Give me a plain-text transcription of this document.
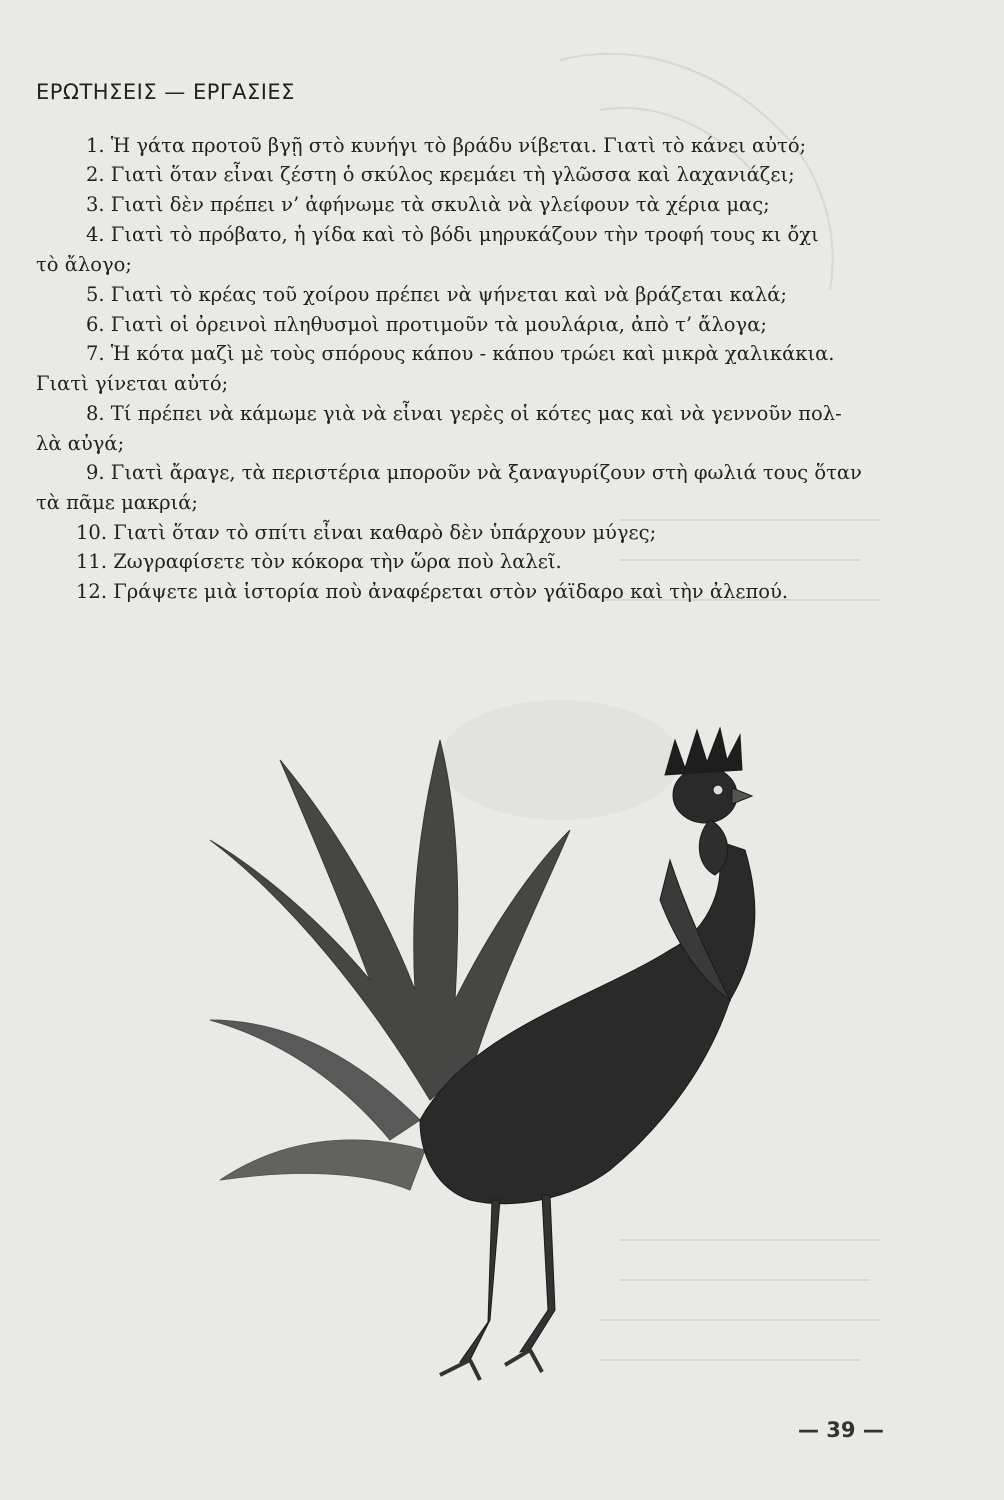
ΕΡΩΤΗΣΕΙΣ — ΕΡΓΑΣΙΕΣ
1. Ἡ γάτα προτοῦ βγῇ στὸ κυνήγι τὸ βράδυ νίβεται. Γιατὶ τὸ κάνει αὐτό;
2. Γιατὶ ὅταν εἶναι ζέστη ὁ σκύλος κρεμάει τὴ γλῶσσα καὶ λαχανιάζει;
3. Γιατὶ δὲν πρέπει ν’ ἀφήνωμε τὰ σκυλιὰ νὰ γλείφουν τὰ χέρια μας;
4. Γιατὶ τὸ πρόβατο, ἡ γίδα καὶ τὸ βόδι μηρυκάζουν τὴν τροφή τους κι ὄχι
τὸ ἄλογο;
5. Γιατὶ τὸ κρέας τοῦ χοίρου πρέπει νὰ ψήνεται καὶ νὰ βράζεται καλά;
6. Γιατὶ οἱ ὀρεινοὶ πληθυσμοὶ προτιμοῦν τὰ μουλάρια, ἀπὸ τ’ ἄλογα;
7. Ἡ κότα μαζὶ μὲ τοὺς σπόρους κάπου - κάπου τρώει καὶ μικρὰ χαλικάκια.
Γιατὶ γίνεται αὐτό;
8. Τί πρέπει νὰ κάμωμε γιὰ νὰ εἶναι γερὲς οἱ κότες μας καὶ νὰ γεννοῦν πολ-
λὰ αὐγά;
9. Γιατὶ ἄραγε, τὰ περιστέρια μποροῦν νὰ ξαναγυρίζουν στὴ φωλιά τους ὅταν
τὰ πᾶμε μακριά;
10. Γιατὶ ὅταν τὸ σπίτι εἶναι καθαρὸ δὲν ὑπάρχουν μύγες;
11. Ζωγραφίσετε τὸν κόκορα τὴν ὥρα ποὺ λαλεῖ.
12. Γράψετε μιὰ ἱστορία ποὺ ἀναφέρεται στὸν γάϊδαρο καὶ τὴν ἀλεπού.
— 39 —
